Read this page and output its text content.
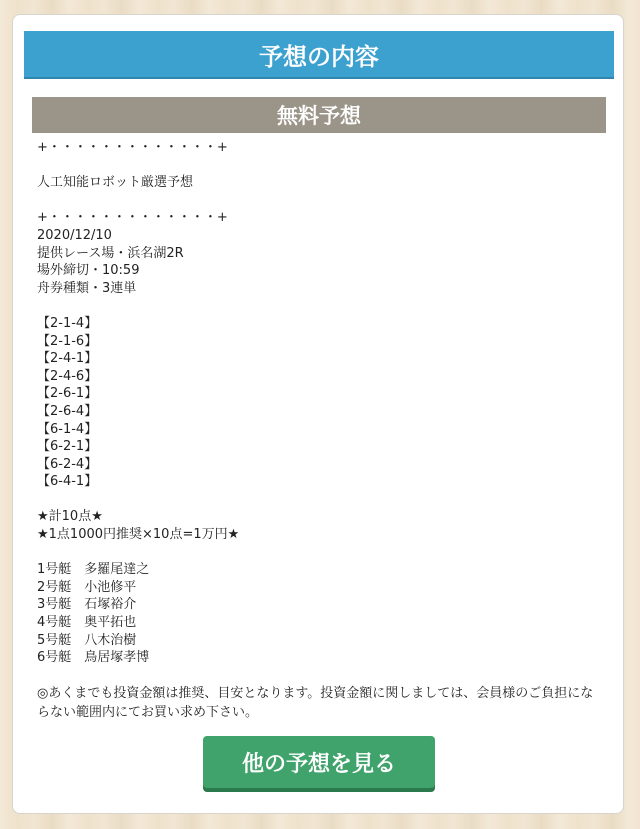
予想の内容
無料予想
+・・・・・・・・・・・・・+

人工知能ロボット厳選予想

+・・・・・・・・・・・・・+
2020/12/10
提供レース場・浜名湖2R
場外締切・10:59
舟券種類・3連単

【2-1-4】
【2-1-6】
【2-4-1】
【2-4-6】
【2-6-1】
【2-6-4】
【6-1-4】
【6-2-1】
【6-2-4】
【6-4-1】

★計10点★
★1点1000円推奨×10点=1万円★

1号艇　多羅尾達之
2号艇　小池修平
3号艇　石塚裕介
4号艇　奥平拓也
5号艇　八木治樹
6号艇　鳥居塚孝博
◎あくまでも投資金額は推奨、目安となります。投資金額に関しましては、会員様のご負担にならない範囲内にてお買い求め下さい。
他の予想を見る
